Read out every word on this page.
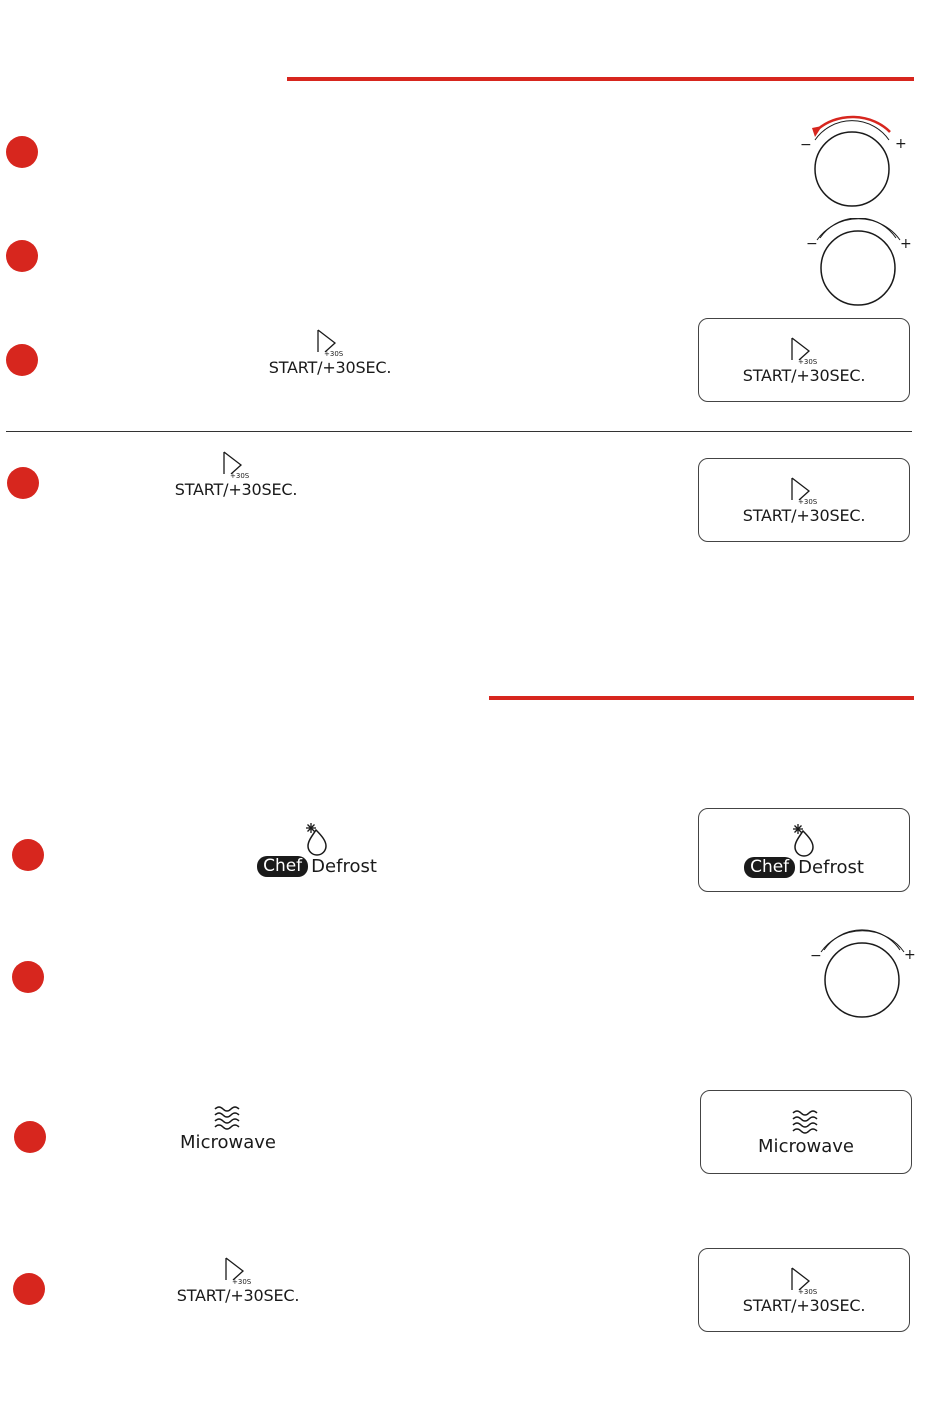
−	+
−	+
+30S
START/+30SEC.	+30S
START/+30SEC.
+30S
START/+30SEC.
+30S
START/+30SEC.
Chef Defrost	Chef Defrost
−	+
Microwave	Microwave
+30S
START/+30SEC.	+30S
START/+30SEC.
